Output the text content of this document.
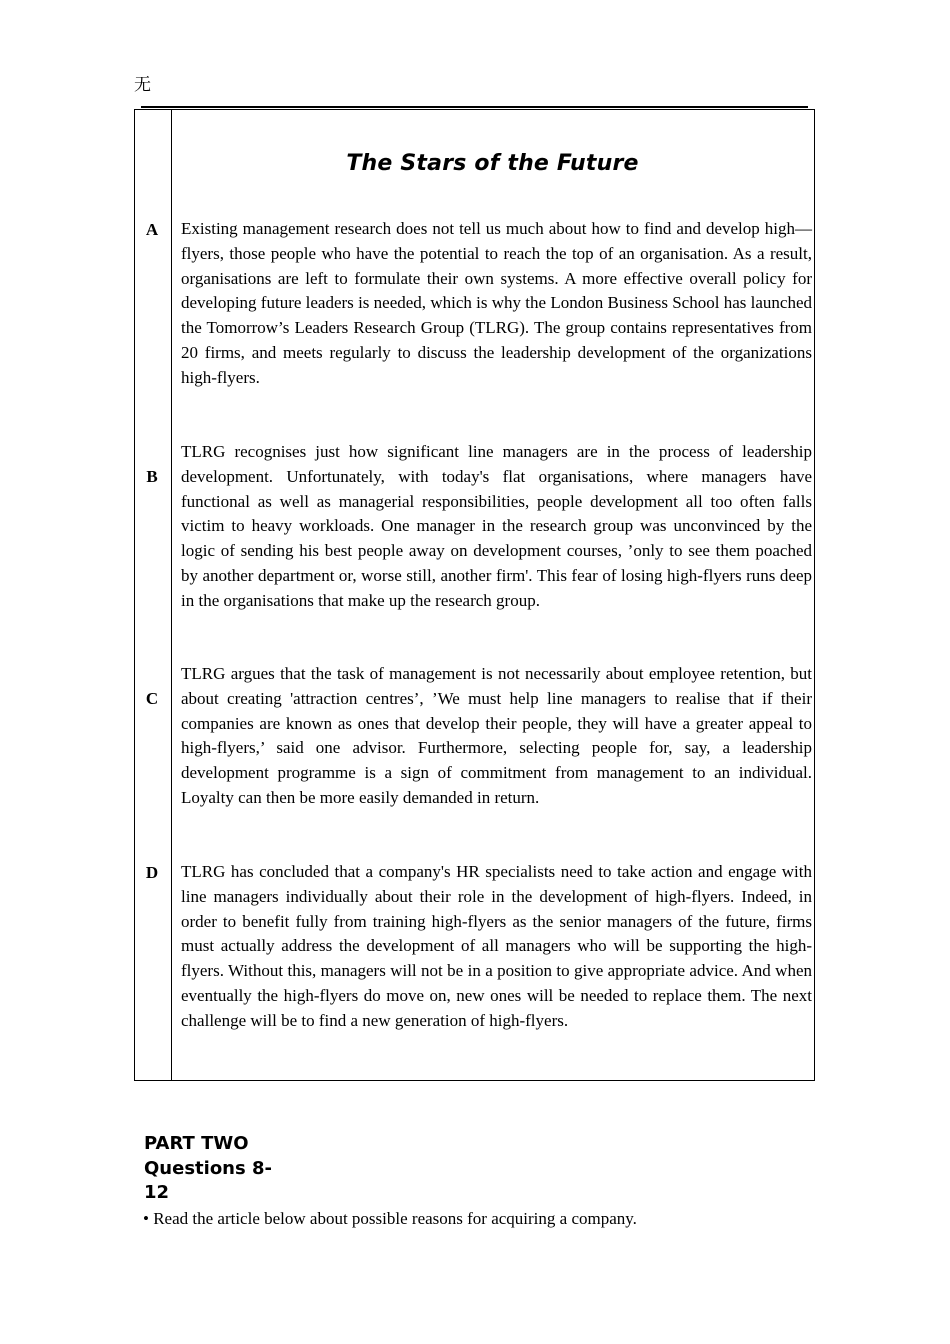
无
The Stars of the Future
A	Existing management research does not tell us much about how to find and develop high—flyers, those people who have the potential to reach the top of an organisation. As a result, organisations are left to formulate their own systems. A more effective overall policy for developing future leaders is needed, which is why the London Business School has launched the Tomorrow’s Leaders Research Group (TLRG). The group contains representatives from 20 firms, and meets regularly to discuss the leadership development of the organizations high-flyers.

B

TLRG recognises just how significant line managers are in the process of leadership development. Unfortunately, with today's flat organisations, where managers have functional as well as managerial responsibilities, people development all too often falls victim to heavy workloads. One manager in the research group was unconvinced by the logic of sending his best people away on development courses, ’only to see them poached by another department or, worse still, another firm'. This fear of losing high-flyers runs deep in the organisations that make up the research group.

C

TLRG argues that the task of management is not necessarily about employee retention, but about creating 'attraction centres’, ’We must help line managers to realise that if their companies are known as ones that develop their people, they will have a greater appeal to high-flyers,’ said one advisor. Furthermore, selecting people for, say, a leadership development programme is a sign of commitment from management to an individual. Loyalty can then be more easily demanded in return.

D	TLRG has concluded that a company's HR specialists need to take action and engage with line managers individually about their role in the development of high-flyers. Indeed, in order to benefit fully from training high-flyers as the senior managers of the future, firms must actually address the development of all managers who will be supporting the high-flyers. Without this, managers will not be in a position to give appropriate advice. And when eventually the high-flyers do move on, new ones will be needed to replace them. The next challenge will be to find a new generation of high-flyers.

PART TWO
Questions 8-
12
• Read the article below about possible reasons for acquiring a company.
